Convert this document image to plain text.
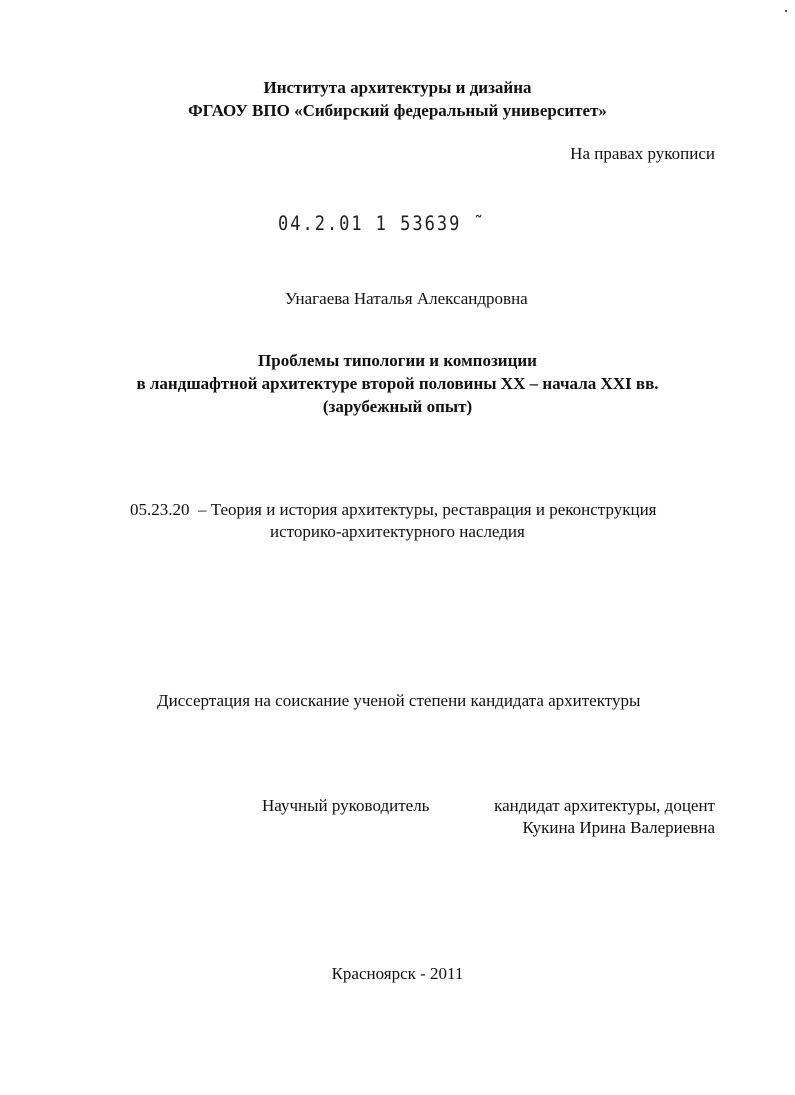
Института архитектуры и дизайна
ФГАОУ ВПО «Сибирский федеральный университет»
На правах рукописи
04.2.01 1 53639 ˜
Унагаева Наталья Александровна
Проблемы типологии и композиции
в ландшафтной архитектуре второй половины XX – начала XXI вв.
(зарубежный опыт)
05.23.20  – Теория и история архитектуры, реставрация и реконструкция
историко-архитектурного наследия
Диссертация на соискание ученой степени кандидата архитектуры
Научный руководитель	кандидат архитектуры, доцент
Кукина Ирина Валериевна
Красноярск - 2011
